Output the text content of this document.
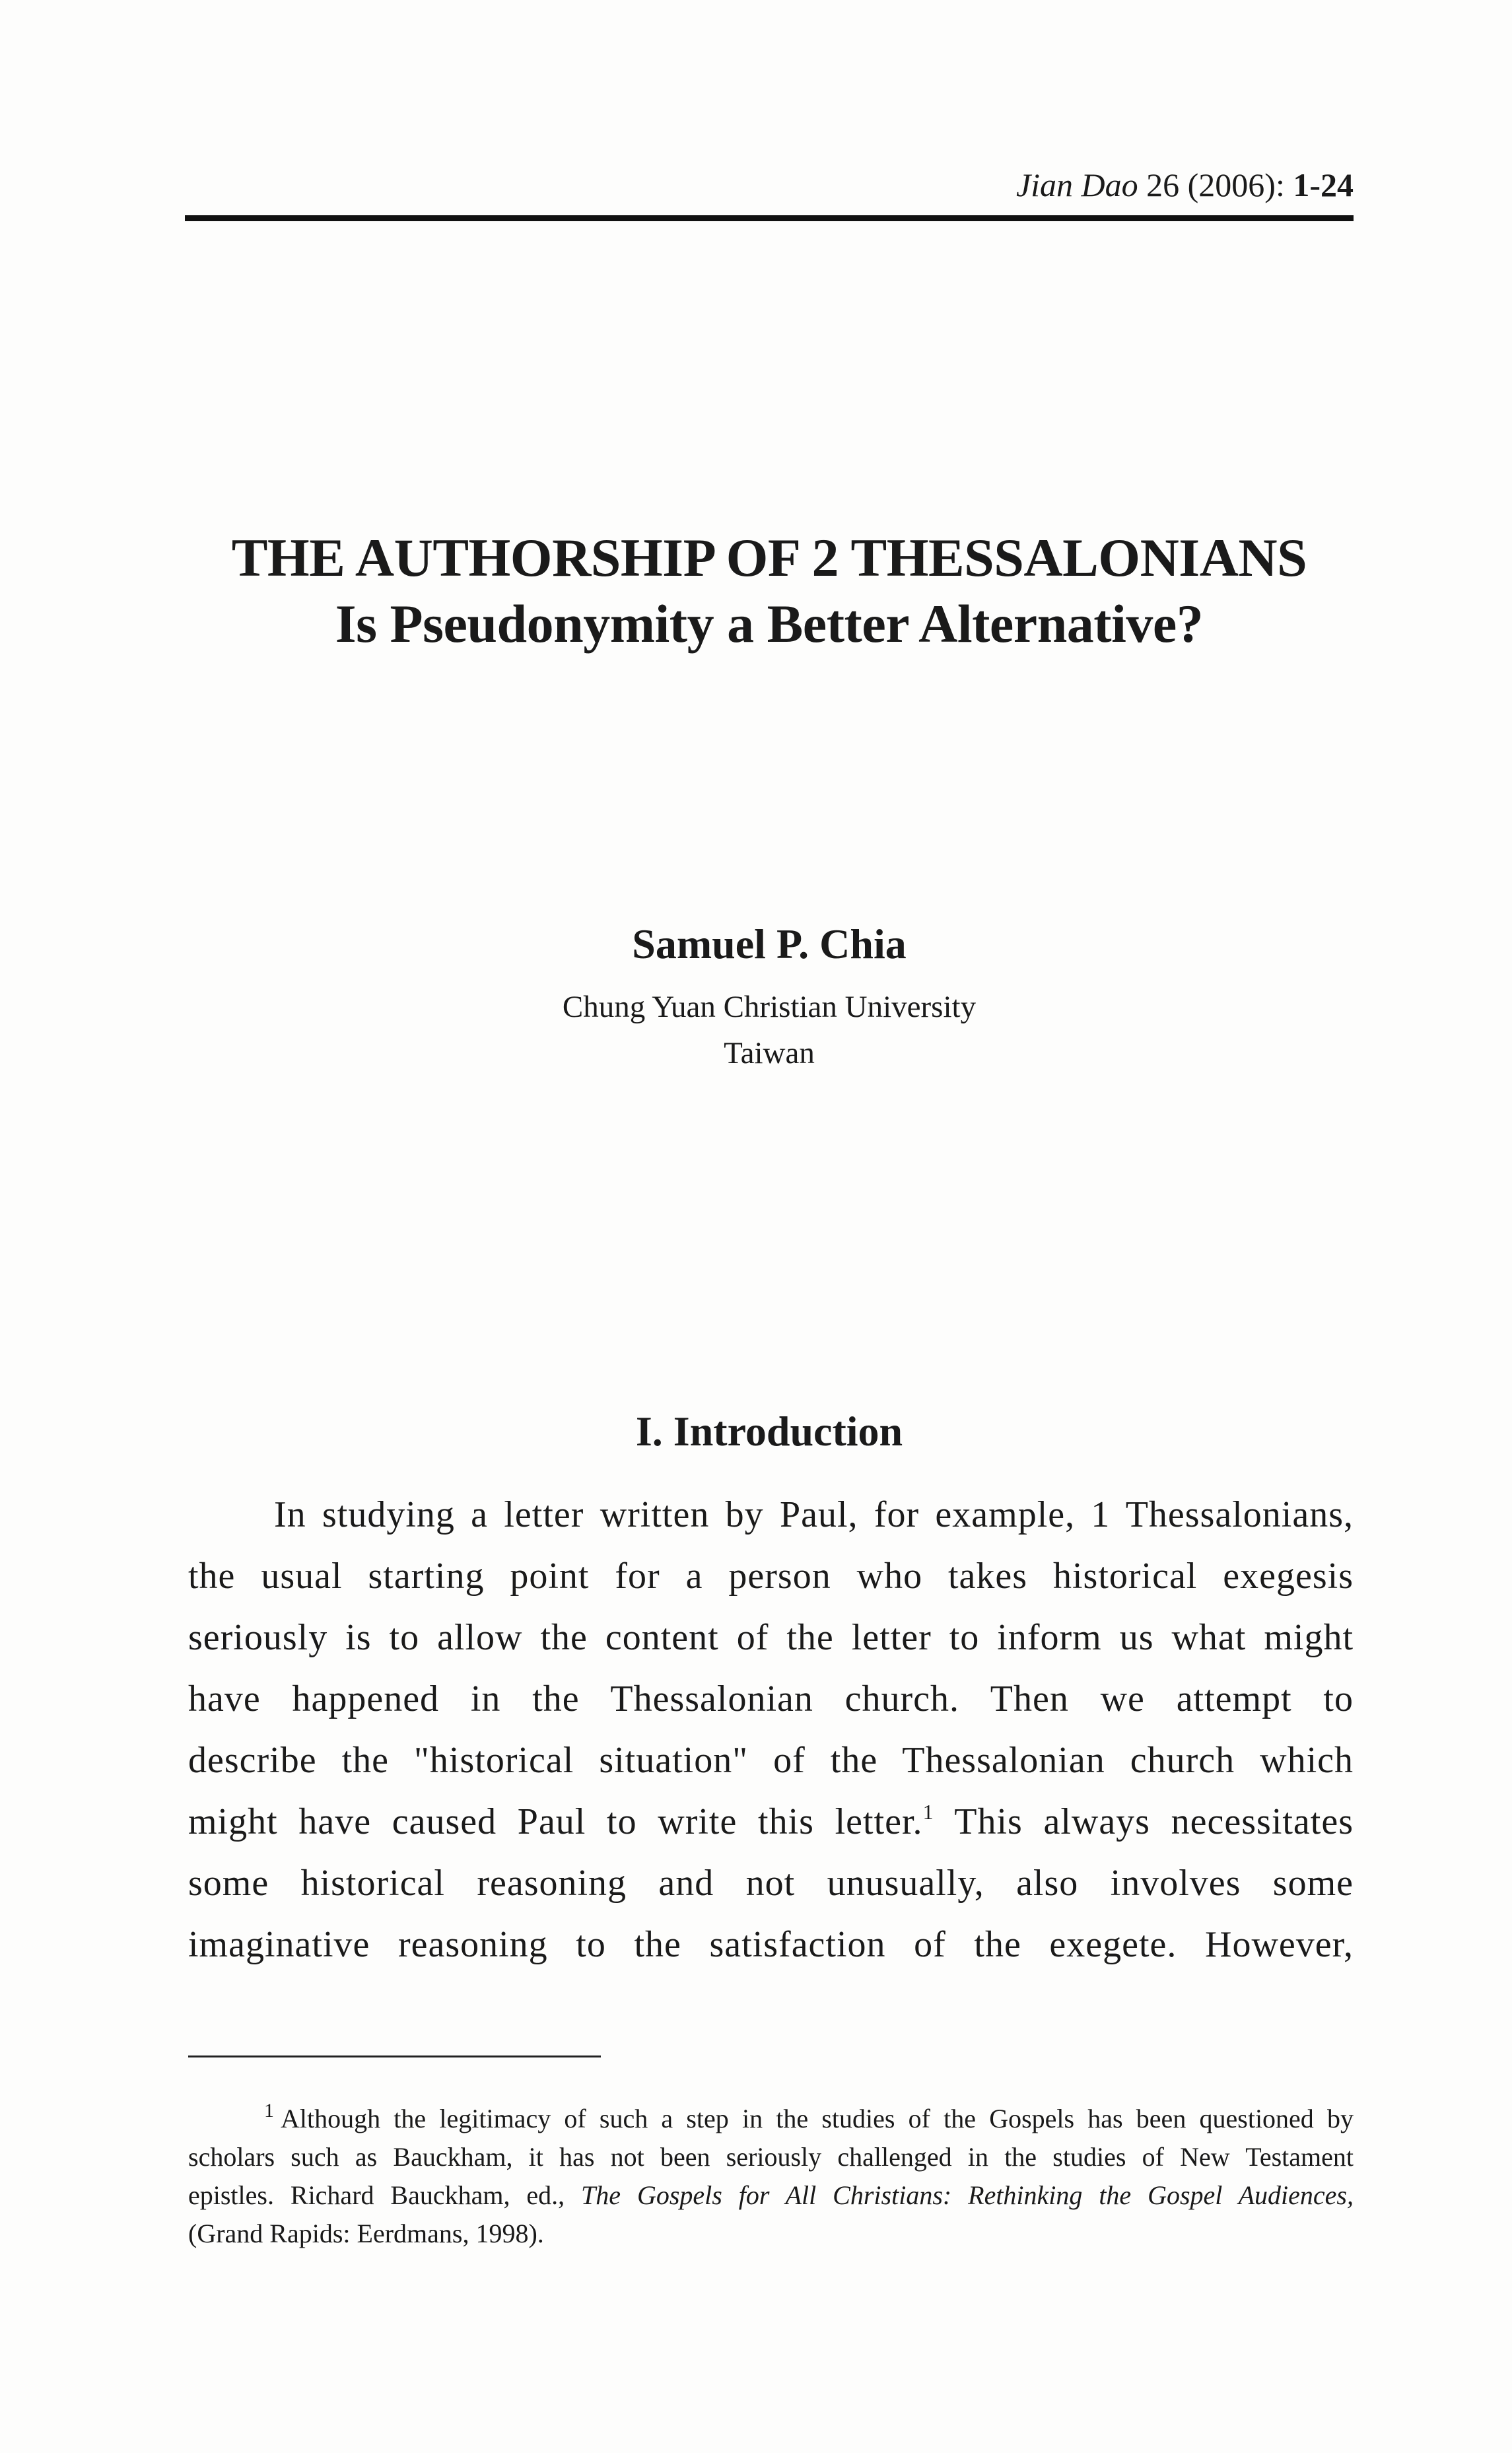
Jian Dao 26 (2006): 1-24
THE AUTHORSHIP OF 2 THESSALONIANS
Is Pseudonymity a Better Alternative?
Samuel P. Chia
Chung Yuan Christian University
Taiwan
I. Introduction
In studying a letter written by Paul, for example, 1 Thessalonians,
the usual starting point for a person who takes historical exegesis
seriously is to allow the content of the letter to inform us what might
have happened in the Thessalonian church. Then we attempt to
describe the "historical situation" of the Thessalonian church which
might have caused Paul to write this letter.$^1$ This always necessitates
some historical reasoning and not unusually, also involves some
imaginative reasoning to the satisfaction of the exegete. However,
$^1$ Although the legitimacy of such a step in the studies of the Gospels has been questioned by
scholars such as Bauckham, it has not been seriously challenged in the studies of New Testament
epistles. Richard Bauckham, ed., The Gospels for All Christians: Rethinking the Gospel Audiences,
(Grand Rapids: Eerdmans, 1998).
